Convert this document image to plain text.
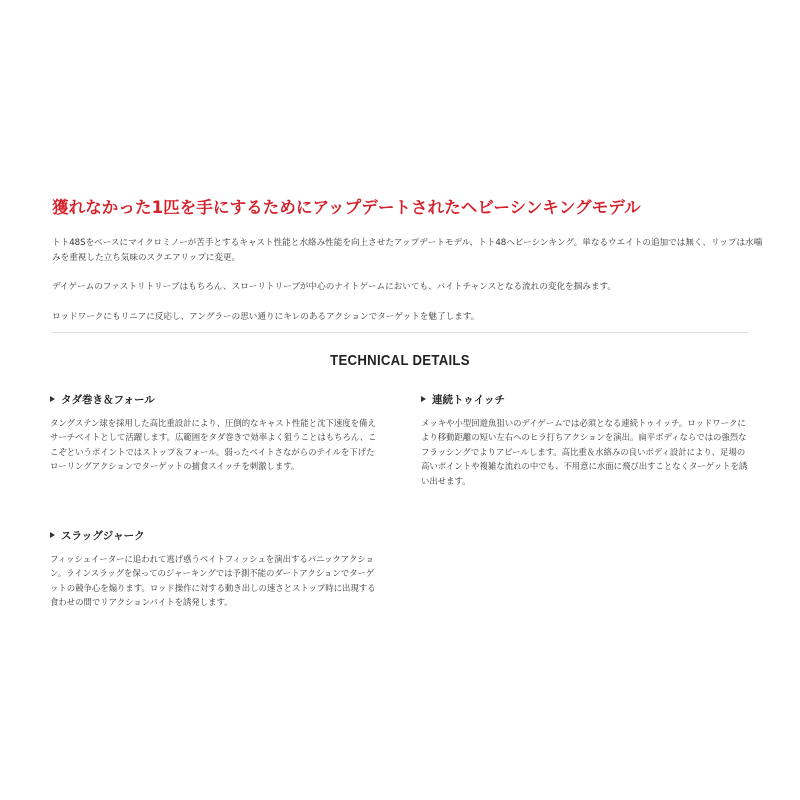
獲れなかった1匹を手にするためにアップデートされたヘビーシンキングモデル

トト48Sをベースにマイクロミノーが苦手とするキャスト性能と水絡み性能を向上させたアップデートモデル、トト48ヘビーシンキング。単なるウエイトの追加では無く、リップは水噛みを重視した立ち気味のスクエアリップに変更。

デイゲームのファストリトリーブはもちろん、スローリトリーブが中心のナイトゲームにおいても、バイトチャンスとなる流れの変化を掴みます。

ロッドワークにもリニアに反応し、アングラーの思い通りにキレのあるアクションでターゲットを魅了します。

TECHNICAL DETAILS
タダ巻き＆フォール

タングステン球を採用した高比重設計により、圧倒的なキャスト性能と沈下速度を備えサーチベイトとして活躍します。広範囲をタダ巻きで効率よく狙うことはもちろん、ここぞというポイントではストップ＆フォール。弱ったベイトさながらのテイルを下げたローリングアクションでターゲットの捕食スイッチを刺激します。

連続トゥイッチ

メッキや小型回遊魚狙いのデイゲームでは必須となる連続トゥイッチ。ロッドワークにより移動距離の短い左右へのヒラ打ちアクションを演出。扁平ボディならではの強烈なフラッシングでよりアピールします。高比重＆水絡みの良いボディ設計により、足場の高いポイントや複雑な流れの中でも、不用意に水面に飛び出すことなくターゲットを誘い出せます。

スラッグジャーク

フィッシュイーターに追われて逃げ惑うベイトフィッシュを演出するパニックアクション。ラインスラッグを保ってのジャーキングでは予測不能のダートアクションでターゲットの競争心を煽ります。ロッド操作に対する動き出しの速さとストップ時に出現する食わせの間でリアクションバイトを誘発します。
